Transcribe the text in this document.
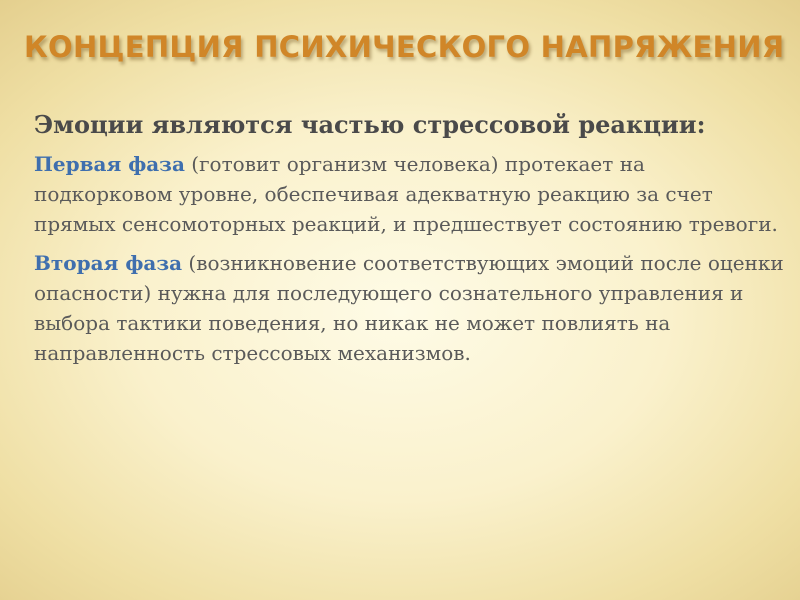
КОНЦЕПЦИЯ ПСИХИЧЕСКОГО НАПРЯЖЕНИЯ

Эмоции являются частью стрессовой реакции:

Первая фаза (готовит организм человека) протекает на подкорковом уровне, обеспечивая адекватную реакцию за счет прямых сенсомоторных реакций, и предшествует состоянию тревоги.

Вторая фаза (возникновение соответствующих эмоций после оценки опасности) нужна для последующего сознательного управления и выбора тактики поведения, но никак не может повлиять на направленность стрессовых механизмов.
